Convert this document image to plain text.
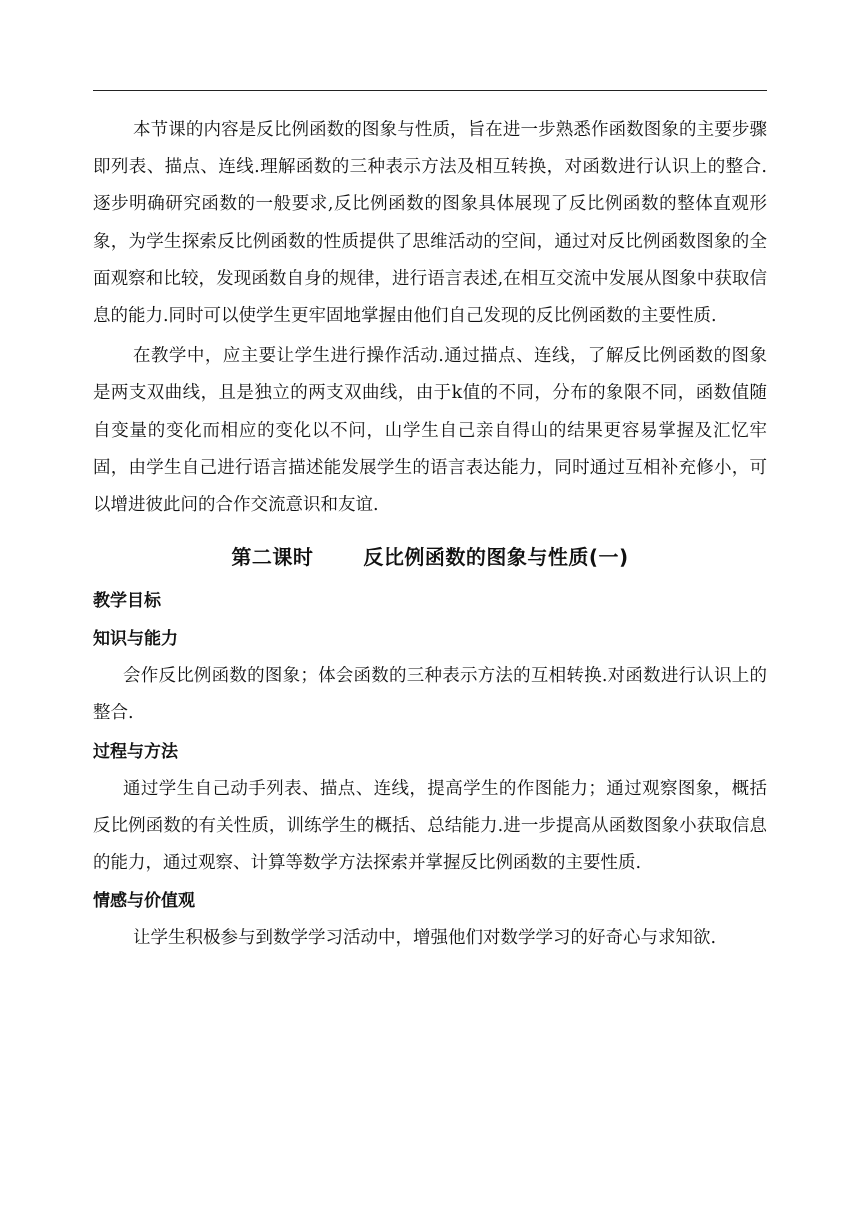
本节课的内容是反比例函数的图象与性质，旨在进一步熟悉作函数图象的主要步骤即列表、描点、连线.理解函数的三种表示方法及相互转换，对函数进行认识上的整合.逐步明确研究函数的一般要求,反比例函数的图象具体展现了反比例函数的整体直观形象，为学生探索反比例函数的性质提供了思维活动的空间，通过对反比例函数图象的全面观察和比较，发现函数自身的规律，进行语言表述,在相互交流中发展从图象中获取信息的能力.同时可以使学生更牢固地掌握由他们自己发现的反比例函数的主要性质.

在教学中，应主要让学生进行操作活动.通过描点、连线，了解反比例函数的图象是两支双曲线，且是独立的两支双曲线，由于k值的不同，分布的象限不同，函数值随自变量的变化而相应的变化以不问，山学生自己亲自得山的结果更容易掌握及汇忆牢固，由学生自己进行语言描述能发展学生的语言表达能力，同时通过互相补充修小，可以增进彼此问的合作交流意识和友谊.

第二课时	反比例函数的图象与性质(一)
教学目标
知识与能力

会作反比例函数的图象；体会函数的三种表示方法的互相转换.对函数进行认识上的整合.

过程与方法

通过学生自己动手列表、描点、连线，提高学生的作图能力；通过观察图象，概括反比例函数的有关性质，训练学生的概括、总结能力.进一步提高从函数图象小获取信息的能力，通过观察、计算等数学方法探索并掌握反比例函数的主要性质.

情感与价值观

让学生积极参与到数学学习活动中，增强他们对数学学习的好奇心与求知欲.
